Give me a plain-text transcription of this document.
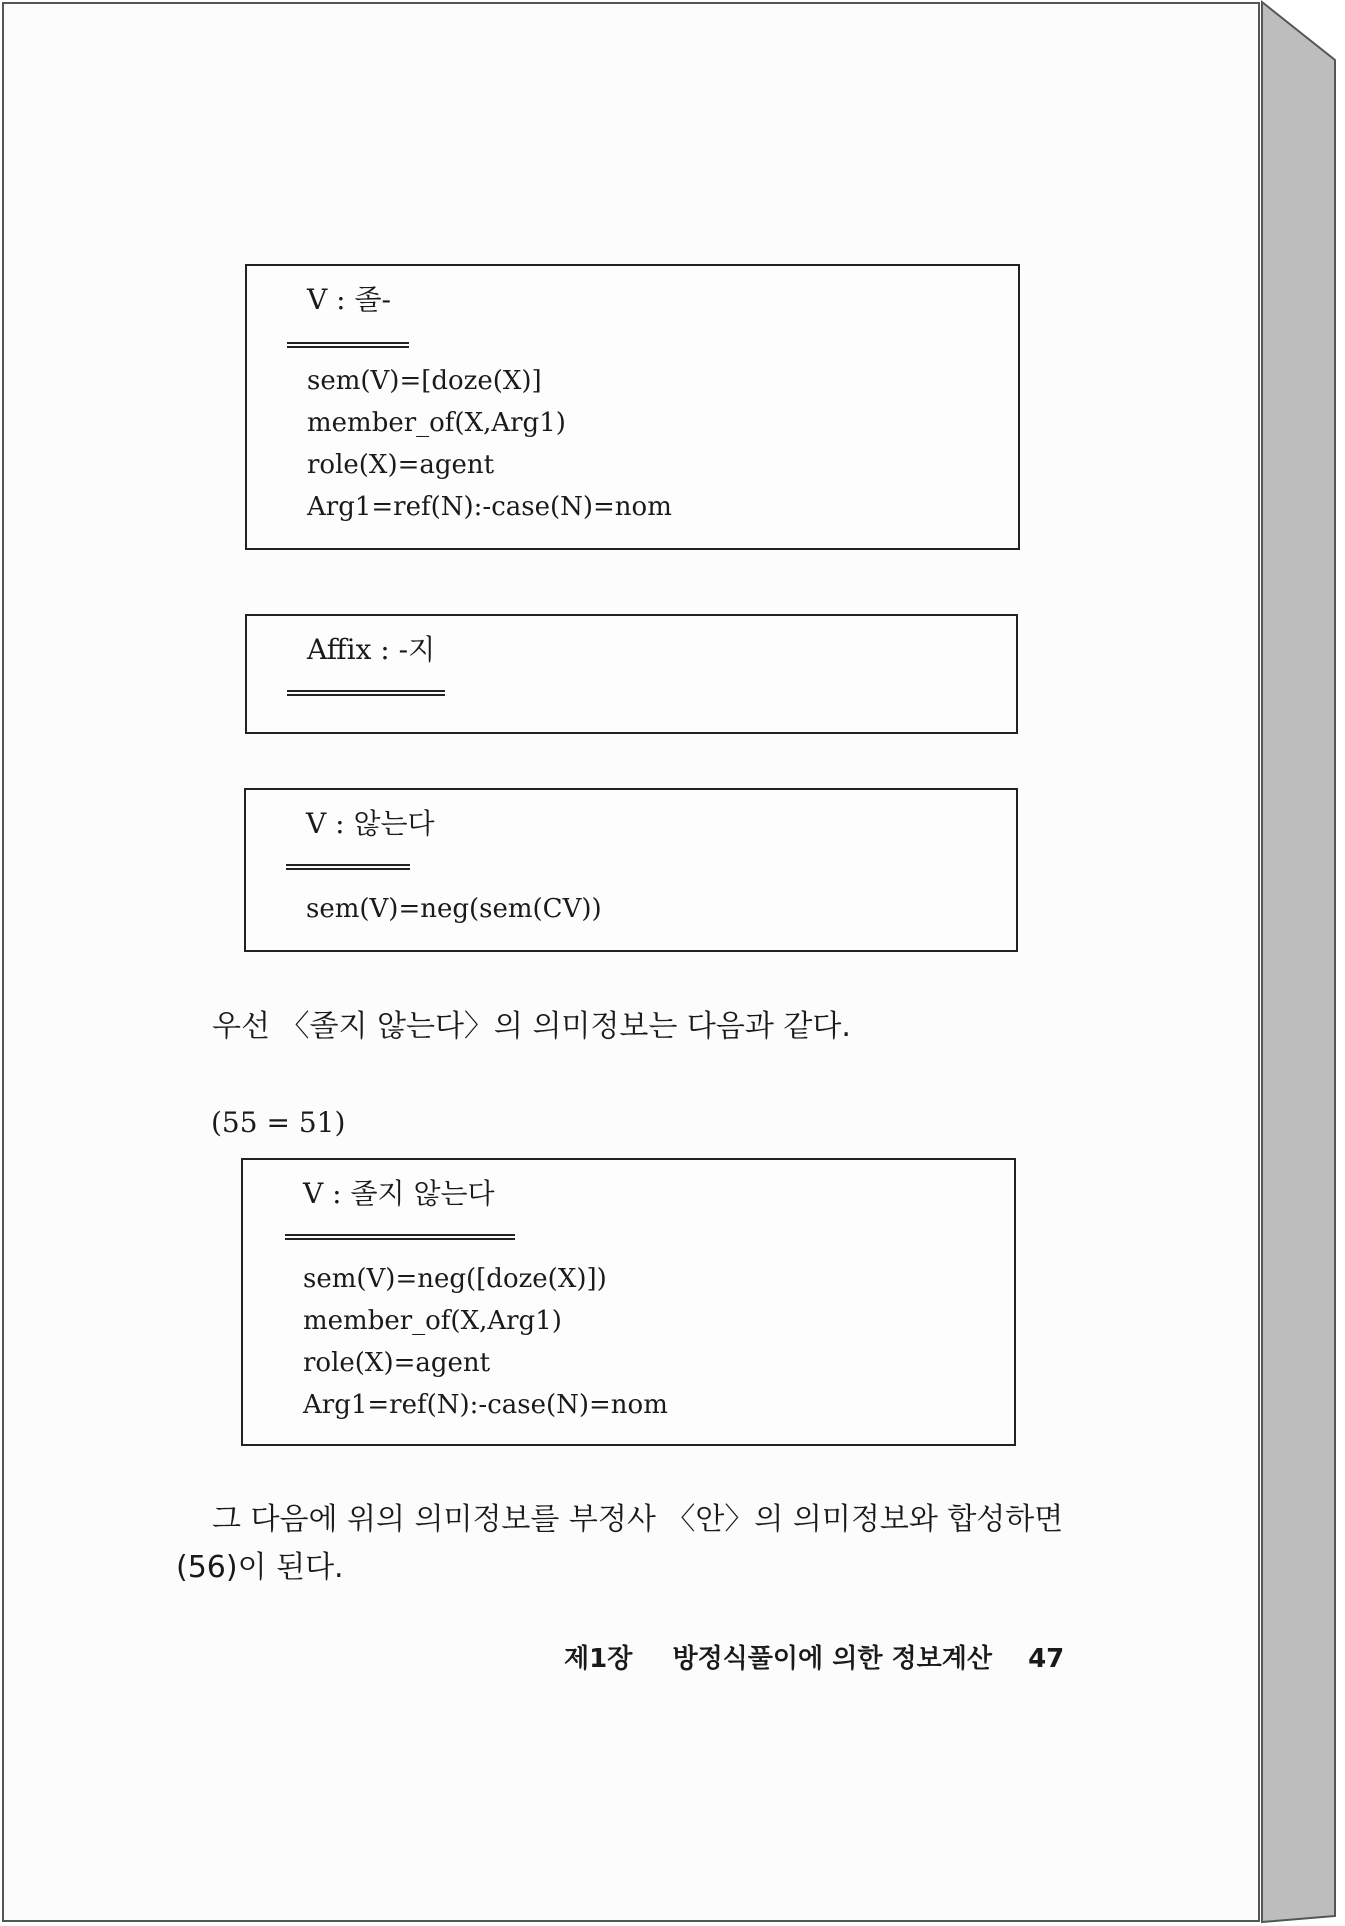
V : 졸-
sem(V)=[doze(X)]
member_of(X,Arg1)
role(X)=agent
Arg1=ref(N):-case(N)=nom
Affix : -지
V : 않는다
sem(V)=neg(sem(CV))
우선 〈졸지 않는다〉의 의미정보는 다음과 같다.
(55 = 51)
V : 졸지 않는다
sem(V)=neg([doze(X)])
member_of(X,Arg1)
role(X)=agent
Arg1=ref(N):-case(N)=nom
그 다음에 위의 의미정보를 부정사 〈안〉의 의미정보와 합성하면
(56)이 된다.
제1장 방정식풀이에 의한 정보계산 47
